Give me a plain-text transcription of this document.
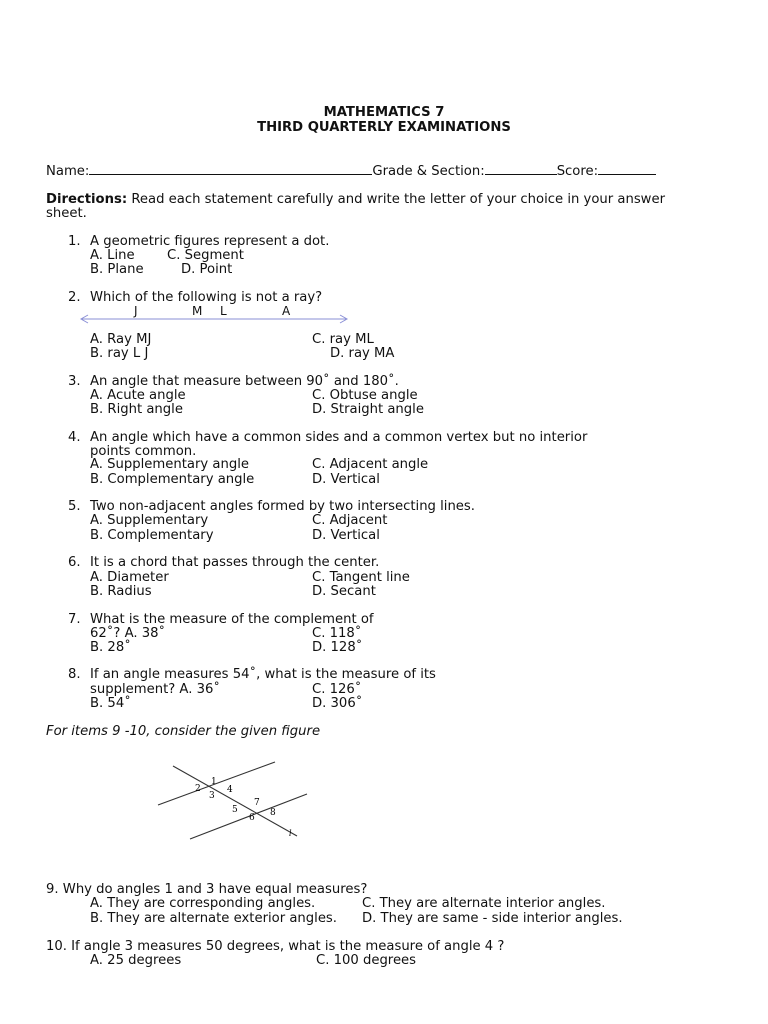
MATHEMATICS 7
THIRD QUARTERLY EXAMINATIONS
Name:	Grade & Section:	Score:
Directions: Read each statement carefully and write the letter of your choice in your answer
sheet.
1. A geometric figures represent a dot.
A. Line C. Segment
B. Plane	D. Point
2. Which of the following is not a ray?
J	M L	A
A. Ray MJ	C. ray ML
B. ray L J	D. ray MA
3. An angle that measure between 90˚ and 180˚.
A. Acute angle	C. Obtuse angle
B. Right angle	D. Straight angle
4. An angle which have a common sides and a common vertex but no interior
points common.
A. Supplementary angle	C. Adjacent angle
B. Complementary angle	D. Vertical
5. Two non-adjacent angles formed by two intersecting lines.
A. Supplementary	C. Adjacent
B. Complementary	D. Vertical
6. It is a chord that passes through the center.
A. Diameter	C. Tangent line
B. Radius	D. Secant
7. What is the measure of the complement of
62˚? A. 38˚	C. 118˚
B. 28˚	D. 128˚
8. If an angle measures 54˚, what is the measure of its
supplement? A. 36˚	C. 126˚
B. 54˚	D. 306˚
For items 9 -10, consider the given figure
1
2
3
4
5
7
6 8
l
9. Why do angles 1 and 3 have equal measures?
A. They are corresponding angles.	C. They are alternate interior angles.
B. They are alternate exterior angles. D. They are same - side interior angles.
10. If angle 3 measures 50 degrees, what is the measure of angle 4 ?
A. 25 degrees	C. 100 degrees
